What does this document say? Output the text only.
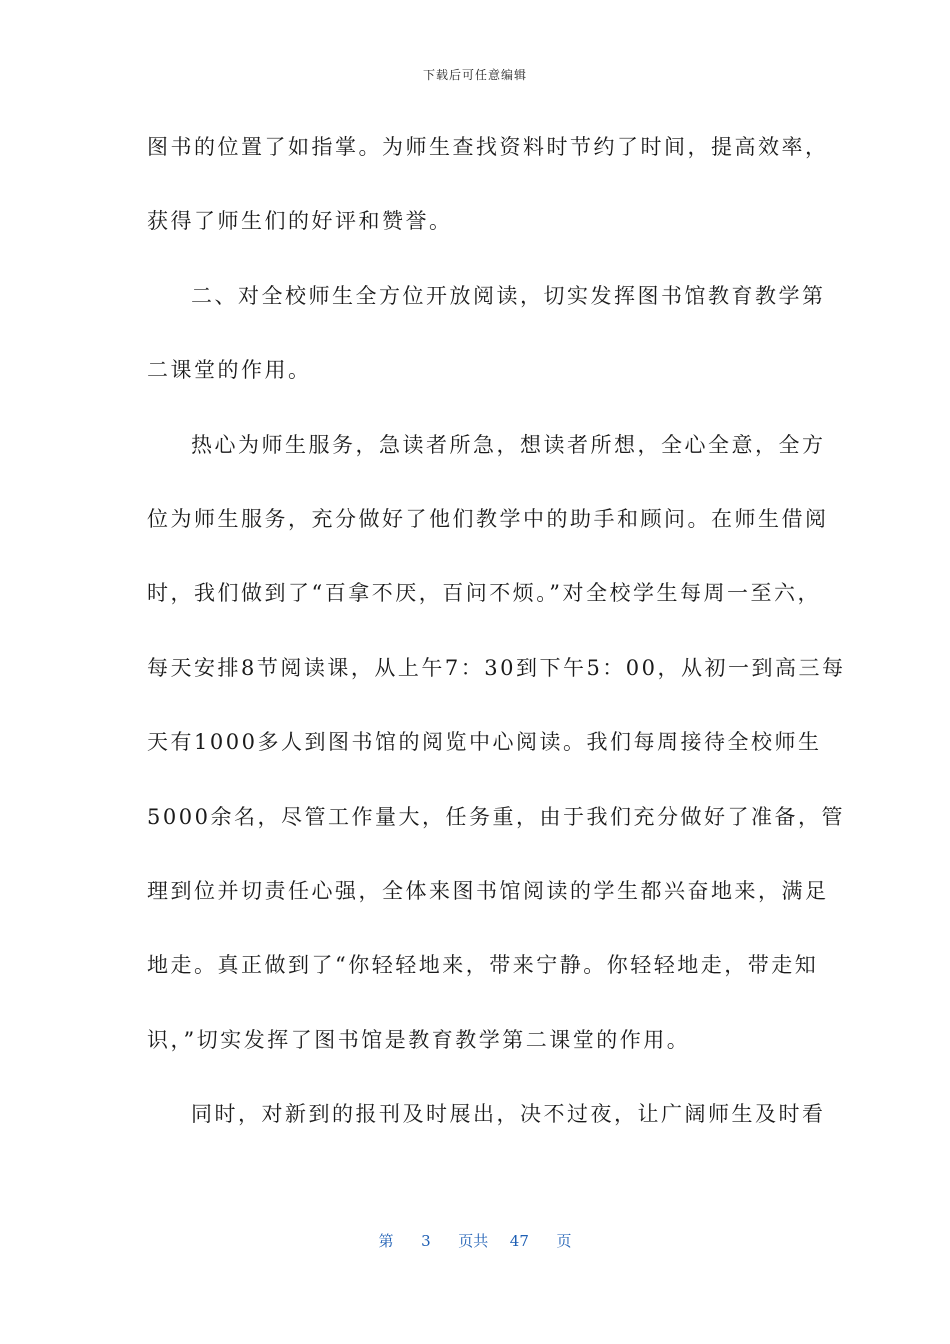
下载后可任意编辑
图书的位置了如指掌。为师生查找资料时节约了时间，提高效率，
获得了师生们的好评和赞誉。
二、对全校师生全方位开放阅读，切实发挥图书馆教育教学第
二课堂的作用。
热心为师生服务，急读者所急，想读者所想，全心全意，全方
位为师生服务，充分做好了他们教学中的助手和顾问。在师生借阅
时，我们做到了“百拿不厌，百问不烦。”对全校学生每周一至六，
每天安排8节阅读课，从上午7：30到下午5：00，从初一到高三每
天有1000多人到图书馆的阅览中心阅读。我们每周接待全校师生
5000余名，尽管工作量大，任务重，由于我们充分做好了准备，管
理到位并切责任心强，全体来图书馆阅读的学生都兴奋地来，满足
地走。真正做到了“你轻轻地来，带来宁静。你轻轻地走，带走知
识，”切实发挥了图书馆是教育教学第二课堂的作用。
同时，对新到的报刊及时展出，决不过夜，让广阔师生及时看
第 3 页共 47 页
